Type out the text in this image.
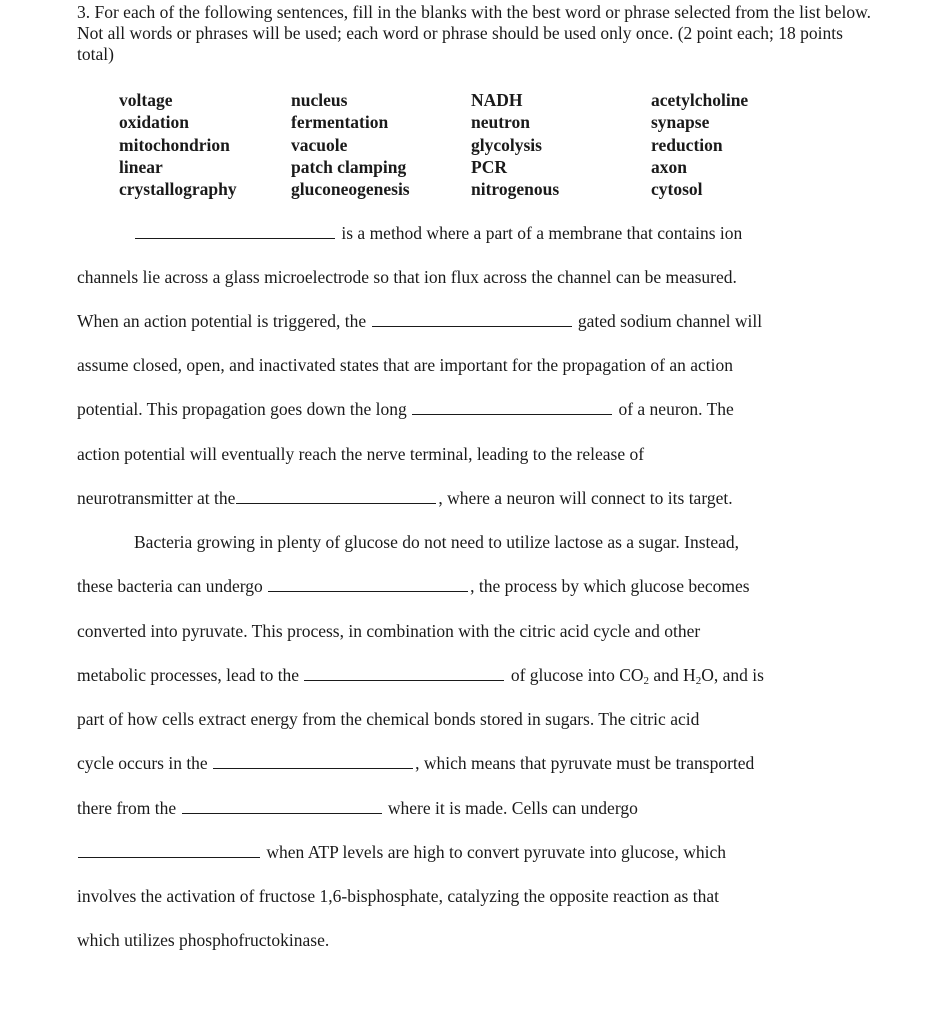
3. For each of the following sentences, fill in the blanks with the best word or phrase selected from the list below. Not all words or phrases will be used; each word or phrase should be used only once. (2 point each; 18 points total)

voltage	nucleus	NADH	acetylcholine
oxidation	fermentation	neutron	synapse
mitochondrion	vacuole	glycolysis	reduction
linear	patch clamping	PCR	axon
crystallography	gluconeogenesis	nitrogenous	cytosol

is a method where a part of a membrane that contains ion

channels lie across a glass microelectrode so that ion flux across the channel can be measured.

When an action potential is triggered, the	gated sodium channel will

assume closed, open, and inactivated states that are important for the propagation of an action

potential. This propagation goes down the long	of a neuron. The

action potential will eventually reach the nerve terminal, leading to the release of

neurotransmitter at the	, where a neuron will connect to its target.

Bacteria growing in plenty of glucose do not need to utilize lactose as a sugar. Instead,

these bacteria can undergo	, the process by which glucose becomes

converted into pyruvate. This process, in combination with the citric acid cycle and other

metabolic processes, lead to the	of glucose into $CO_2$ and $H_2O$, and is

part of how cells extract energy from the chemical bonds stored in sugars. The citric acid

cycle occurs in the	, which means that pyruvate must be transported

there from the	where it is made. Cells can undergo

when ATP levels are high to convert pyruvate into glucose, which

involves the activation of fructose 1,6-bisphosphate, catalyzing the opposite reaction as that

which utilizes phosphofructokinase.
